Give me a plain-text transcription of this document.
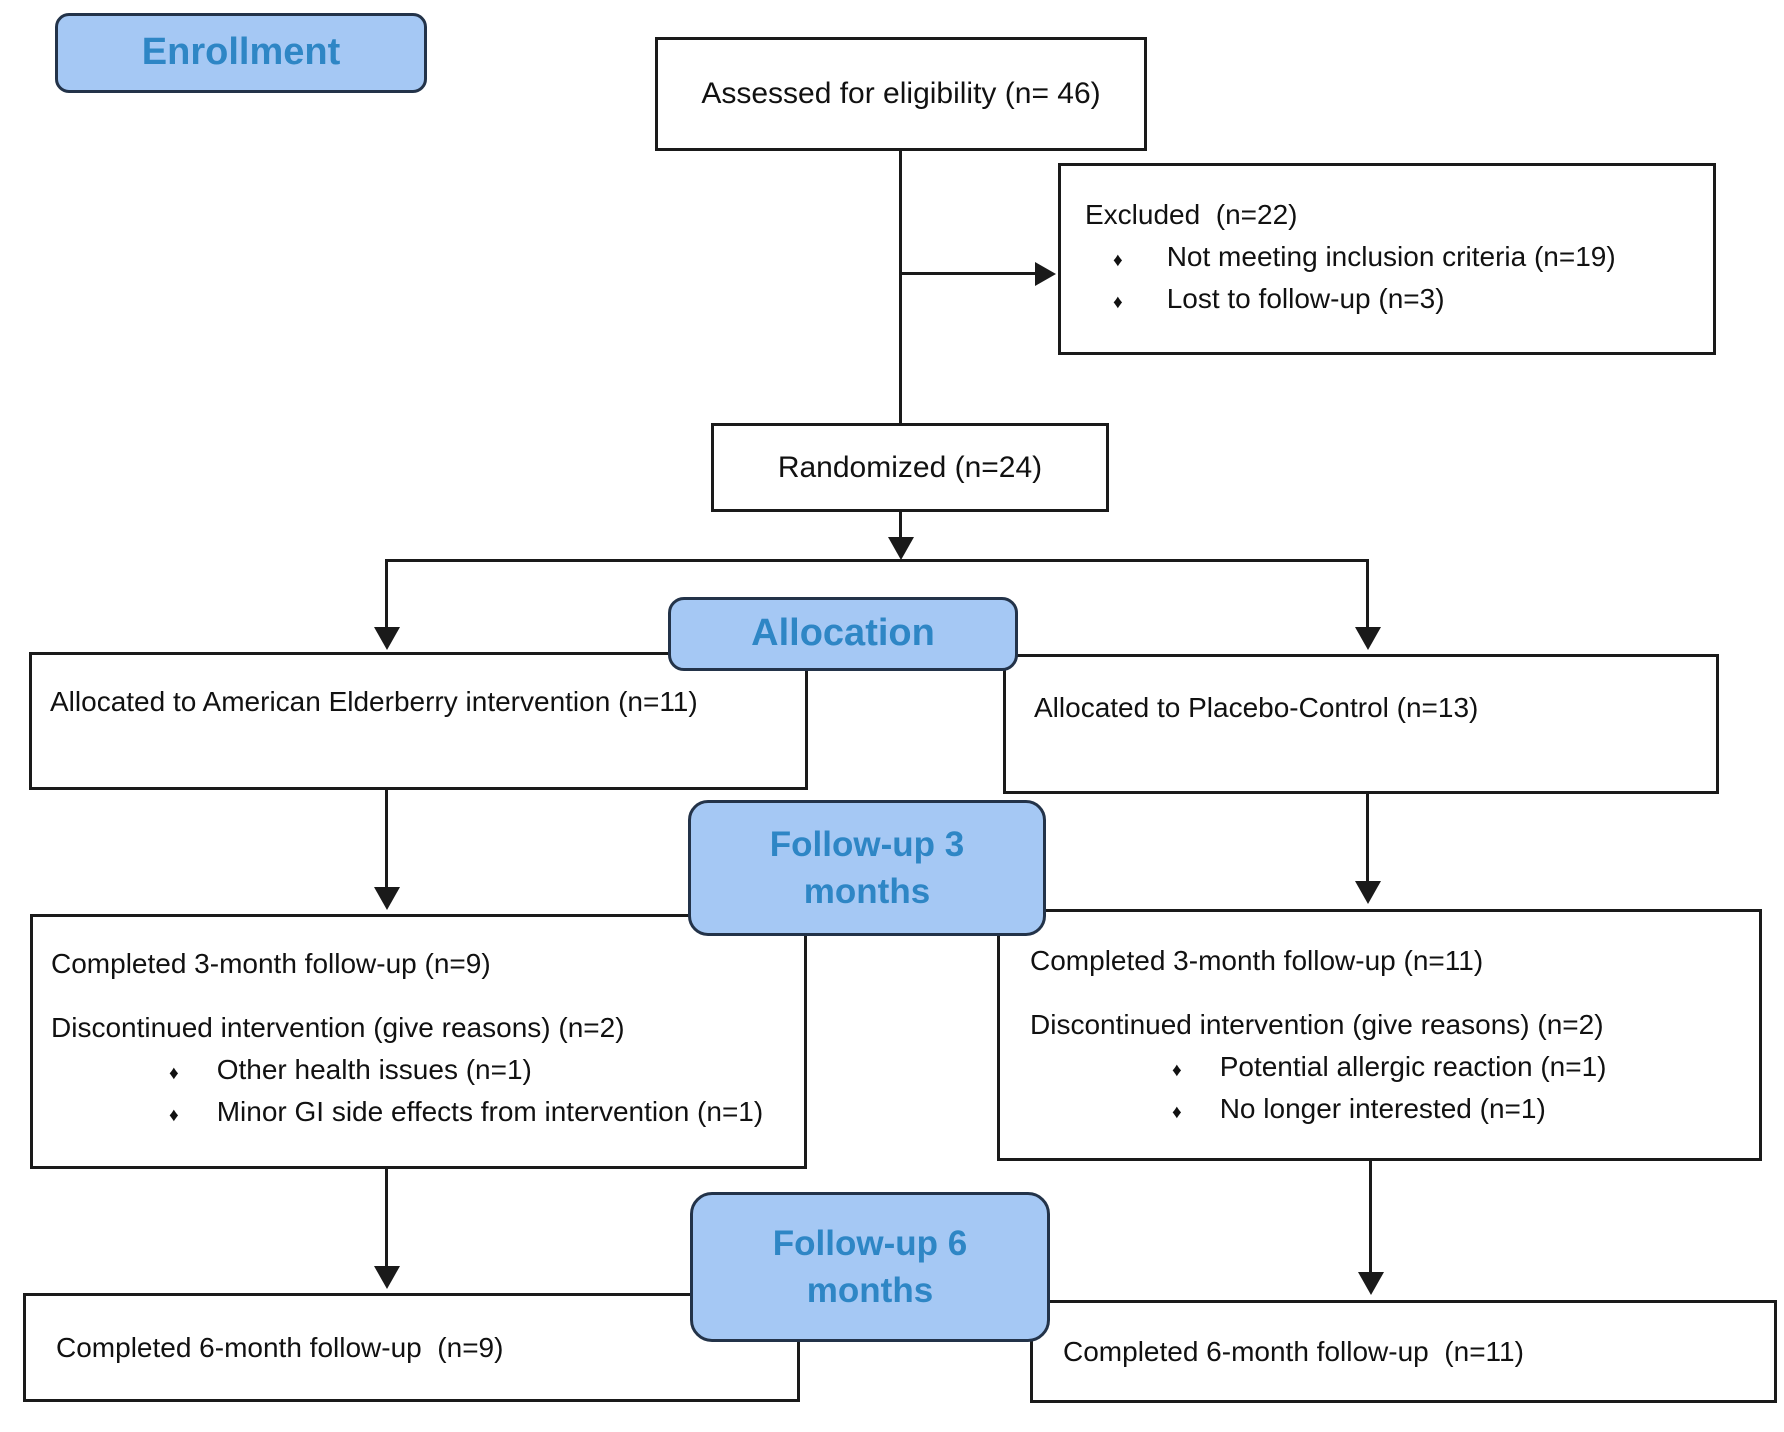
Enrollment
Assessed for eligibility (n= 46)
Excluded  (n=22)
♦ Not meeting inclusion criteria (n=19)
♦ Lost to follow-up (n=3)
Randomized (n=24)
Allocated to American Elderberry intervention (n=11)	Allocated to Placebo-Control (n=13)
Allocation
Completed 3-month follow-up (n=9)
Discontinued intervention (give reasons) (n=2)
♦ Other health issues (n=1)
♦ Minor GI side effects from intervention (n=1)
Completed 3-month follow-up (n=11)
Discontinued intervention (give reasons) (n=2)
♦ Potential allergic reaction (n=1)
♦ No longer interested (n=1)
Follow-up 3
months
Completed 6-month follow-up  (n=9)	Completed 6-month follow-up  (n=11)
Follow-up 6
months
